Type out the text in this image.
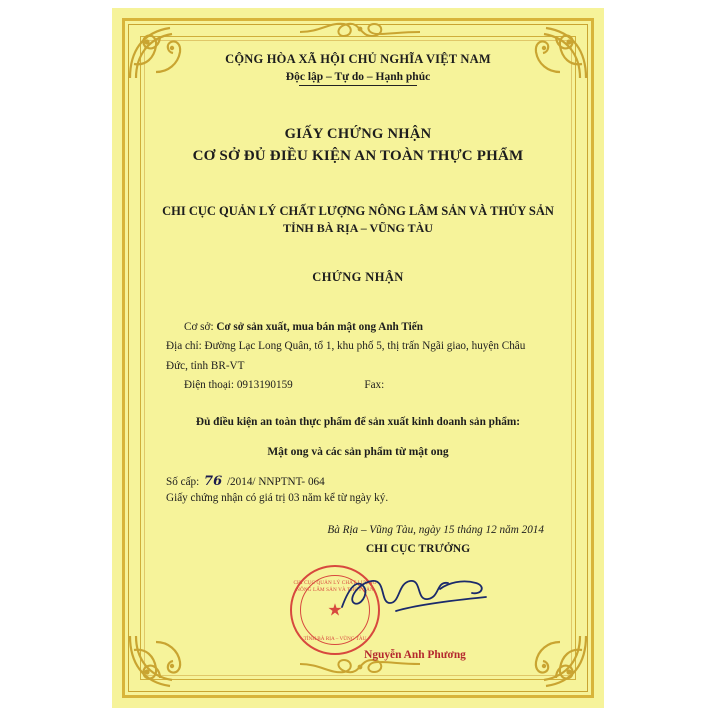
CỘNG HÒA XÃ HỘI CHỦ NGHĨA VIỆT NAM
Độc lập – Tự do – Hạnh phúc
GIẤY CHỨNG NHẬN
CƠ SỞ ĐỦ ĐIỀU KIỆN AN TOÀN THỰC PHẨM
CHI CỤC QUẢN LÝ CHẤT LƯỢNG NÔNG LÂM SẢN VÀ THỦY SẢN
TỈNH BÀ RỊA – VŨNG TÀU
CHỨNG NHẬN
Cơ sở: Cơ sở sản xuất, mua bán mật ong Anh Tiến
Địa chỉ: Đường Lạc Long Quân, tổ 1, khu phố 5, thị trấn Ngãi giao, huyện Châu
Đức, tỉnh BR-VT
Điện thoại: 0913190159	Fax:
Đủ điều kiện an toàn thực phẩm để sản xuất kinh doanh sản phẩm:
Mật ong và các sản phẩm từ mật ong
Số cấp: 76 /2014/ NNPTNT- 064
Giấy chứng nhận có giá trị 03 năm kể từ ngày ký.
Bà Rịa – Vũng Tàu, ngày 15 tháng 12 năm 2014
CHI CỤC TRƯỞNG
CHI CỤC QUẢN LÝ CHẤT LƯỢNG NÔNG LÂM SẢN VÀ THỦY SẢN
★
TỈNH BÀ RỊA – VŨNG TÀU
Nguyễn Anh Phương
